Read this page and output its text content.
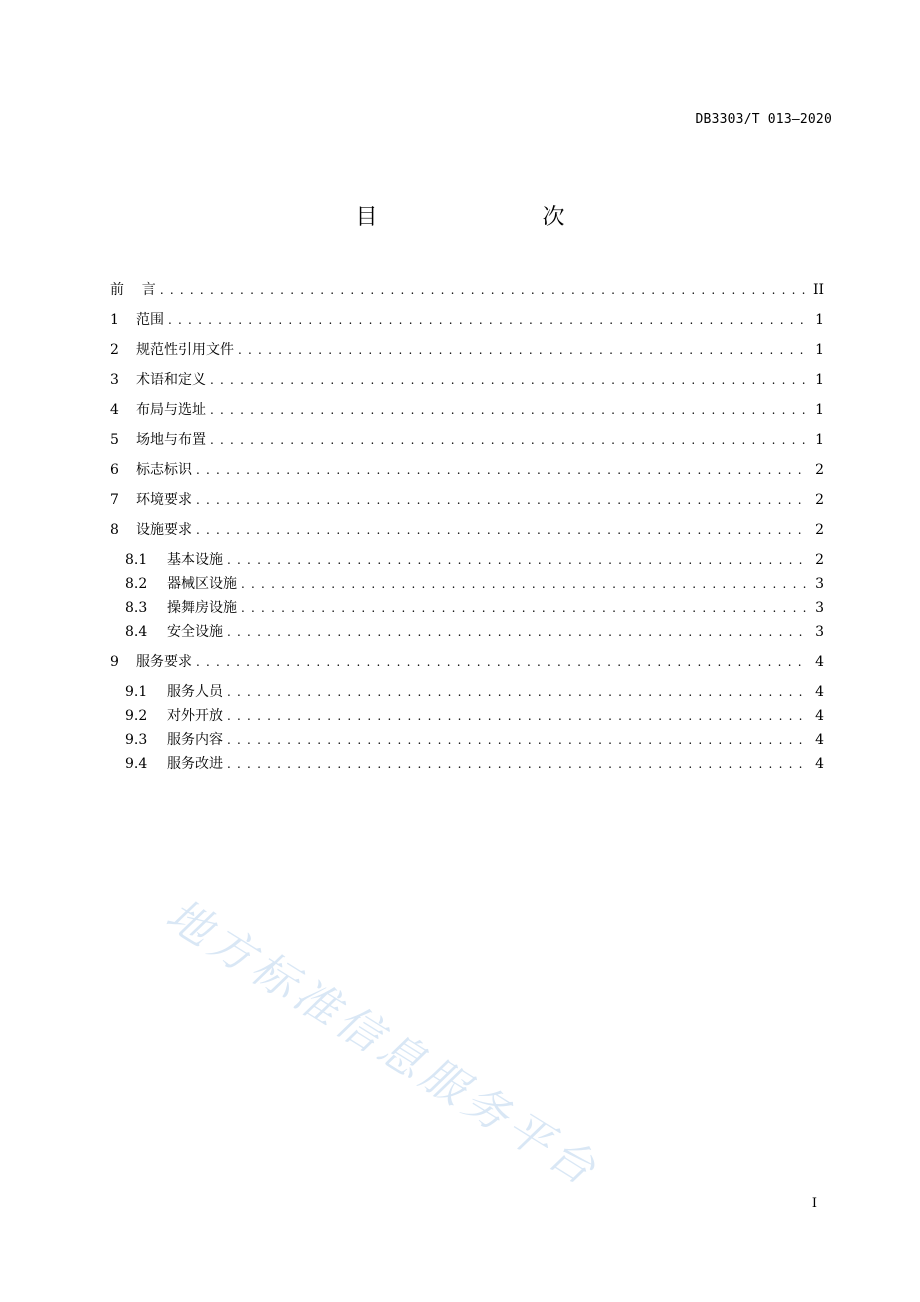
DB3303/T 013—2020
目   次
前    言 . . .	II
1	范围 . . .	1
2	规范性引用文件 . . .	1
3	术语和定义 . . .	1
4	布局与选址 . . .	1
5	场地与布置 . . .	1
6	标志标识 . . .	2
7	环境要求 . . .	2
8	设施要求 . . .	2
8.1	基本设施 . . .	2
8.2	器械区设施 . . .	3
8.3	操舞房设施 . . .	3
8.4	安全设施 . . .	3
9	服务要求 . . .	4
9.1	服务人员 . . .	4
9.2	对外开放 . . .	4
9.3	服务内容 . . .	4
9.4	服务改进 . . .	4
I
地方标准信息服务平台
